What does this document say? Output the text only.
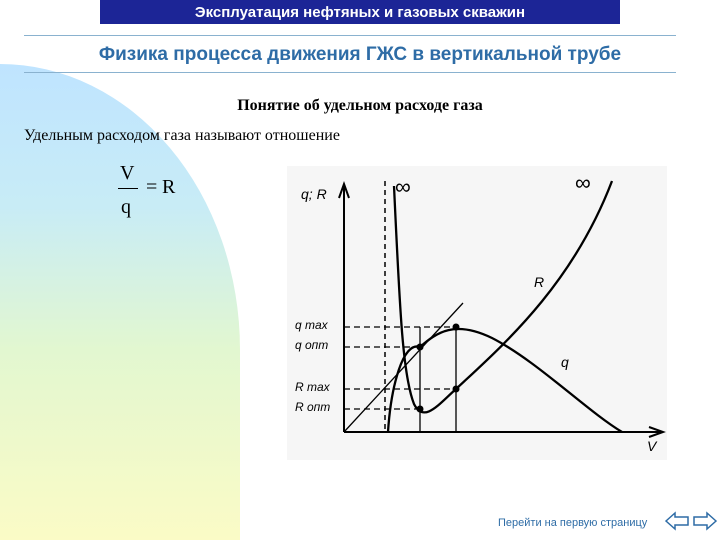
Эксплуатация нефтяных и газовых скважин
Физика процесса движения ГЖС в вертикальной трубе
Понятие об удельном расходе газа
Удельным расходом газа называют отношение
V
q
= R	q; R
V
∞	∞
R
q
q max
q опт
R max
R опт
Перейти на первую страницу
